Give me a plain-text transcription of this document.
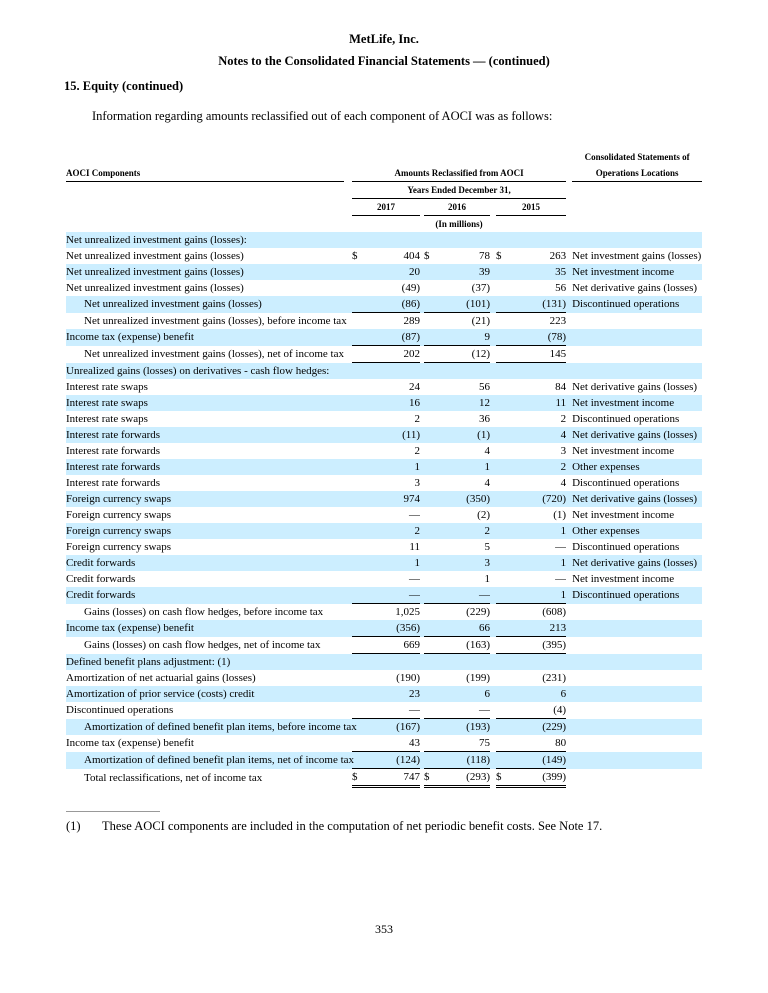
MetLife, Inc.
Notes to the Consolidated Financial Statements — (continued)
15. Equity (continued)

Information regarding amounts reclassified out of each component of AOCI was as follows:

AOCI Components		Amounts Reclassified from AOCI									Consolidated Statements of Operations Locations
		Years Ended December 31,									
		2017			2016			2015			
		(In millions)									
Net unrealized investment gains (losses):											
Net unrealized investment gains (losses)		$	404		$	78		$	263		Net investment gains (losses)
Net unrealized investment gains (losses)			20			39			35		Net investment income
Net unrealized investment gains (losses)			(49)			(37)			56		Net derivative gains (losses)
Net unrealized investment gains (losses)			(86)			(101)			(131)		Discontinued operations
Net unrealized investment gains (losses), before income tax			289			(21)			223		
Income tax (expense) benefit			(87)			9			(78)		
Net unrealized investment gains (losses), net of income tax			202			(12)			145		
Unrealized gains (losses) on derivatives - cash flow hedges:											
Interest rate swaps			24			56			84		Net derivative gains (losses)
Interest rate swaps			16			12			11		Net investment income
Interest rate swaps			2			36			2		Discontinued operations
Interest rate forwards			(11)			(1)			4		Net derivative gains (losses)
Interest rate forwards			2			4			3		Net investment income
Interest rate forwards			1			1			2		Other expenses
Interest rate forwards			3			4			4		Discontinued operations
Foreign currency swaps			974			(350)			(720)		Net derivative gains (losses)
Foreign currency swaps			—			(2)			(1)		Net investment income
Foreign currency swaps			2			2			1		Other expenses
Foreign currency swaps			11			5			—		Discontinued operations
Credit forwards			1			3			1		Net derivative gains (losses)
Credit forwards			—			1			—		Net investment income
Credit forwards			—			—			1		Discontinued operations
Gains (losses) on cash flow hedges, before income tax			1,025			(229)			(608)		
Income tax (expense) benefit			(356)			66			213		
Gains (losses) on cash flow hedges, net of income tax			669			(163)			(395)		
Defined benefit plans adjustment: (1)											
Amortization of net actuarial gains (losses)			(190)			(199)			(231)		
Amortization of prior service (costs) credit			23			6			6		
Discontinued operations			—			—			(4)		
Amortization of defined benefit plan items, before income tax			(167)			(193)			(229)		
Income tax (expense) benefit			43			75			80		
Amortization of defined benefit plan items, net of income tax			(124)			(118)			(149)		
Total reclassifications, net of income tax		$	747		$	(293)		$	(399)		
(1)	These AOCI components are included in the computation of net periodic benefit costs. See Note 17.
353
